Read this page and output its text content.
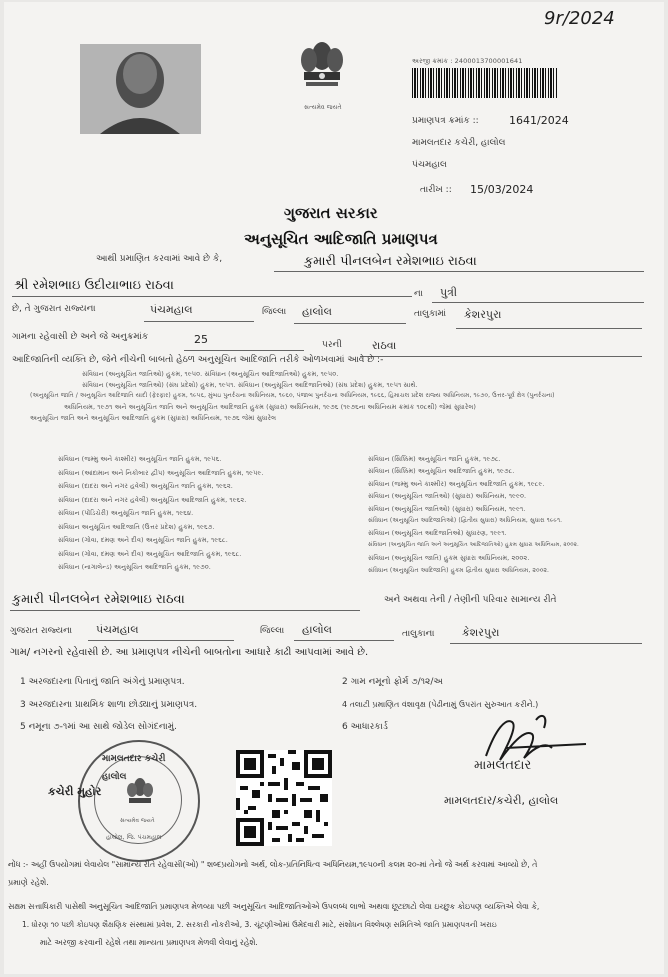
9r/2024
સત્યમેવ જયતે
અરજી ક્રમાંક : 2400013700001641
પ્રમાણપત્ર ક્રમાંક ::	1641/2024
મામલતદાર કચેરી, હાલોલ
પંચમહાલ
તારીખ :: 15/03/2024
ગુજરાત સરકાર
અનુસૂચિત આદિજાતિ પ્રમાણપત્ર
આથી પ્રમાણિત કરવામાં આવે છે કે,	કુમારી પીનલબેન રમેશભાઇ રાઠવા
શ્રી રમેશભાઇ ઉદીયાભાઇ રાઠવા
ના પુત્રી
છે, તે ગુજરાત રાજ્યના	પંચમહાલ	જિલ્લા હાલોલ	તાલુકામાં કેશરપુરા
ગામના રહેવાસી છે અને જે અનુક્રમાંક	25	પરની	રાઠવા
આદિજાતિની વ્યક્તિ છે, જેને નીચેની બાબતો હેઠળ અનુસૂચિત આદિજાતિ તરીકે ઓળખવામાં આવે છે :-
સંવિધાન (અનુસૂચિત જાતિઓ) હુકમ, ૧૯૫૦. સંવિધાન (અનુસૂચિત આદિજાતિઓ) હુકમ, ૧૯૫૦.
સંવિધાન (અનુસૂચિત જાતિઓ) (સંઘ પ્રદેશો) હુકમ, ૧૯૫૧. સંવિધાન (અનુસૂચિત આદિજાતિઓ) (સંઘ પ્રદેશ) હુકમ, ૧૯૫૧ સાથે.
(અનુસૂચિત જાતિ / અનુસૂચિત આદિજાતિ યાદી (ફેરફાર) હુકમ, ૧૯૫૬, મુંબઇ પુનર્રચના અધિનિયમ, ૧૯૬૦, પંજાબ પુનર્રચના અધિનિયમ, ૧૯૬૬, હિમાચલ પ્રદેશ રાજ્ય અધિનિયમ, ૧૯૭૦, ઉત્તર-પૂર્વ ક્ષેત્ર (પુનર્રચના)
અધિનિયમ, ૧૯૭૧ અને અનુસૂચિત જાતિ અને અનુસૂચિત આદિજાતિ હુકમ (સુધારા) અધિનિયમ, ૧૯૭૬ (૧૯૭૬ના અધિનિયમ ક્રમાંક ૧૦૮થી) જેમાં સુધારેલ)
અનુસૂચિત જાતિ અને અનુસૂચિત આદિજાતિ હુકમ (સુધારા) અધિનિયમ, ૧૯૭૬ જેમાં સુધારેલ
સંવિધાન (જમ્મુ અને કાશ્મીર) અનુસૂચિત જાતિ હુકમ, ૧૯૫૬.
સંવિધાન (આંદામાન અને નિકોબાર દ્વીપ) અનુસૂચિત આદિજાતિ હુકમ, ૧૯૫૯.
સંવિધાન (દાદરા અને નગર હવેલી) અનુસૂચિત જાતિ હુકમ, ૧૯૬૨.
સંવિધાન (દાદરા અને નગર હવેલી) અનુસૂચિત આદિજાતિ હુકમ, ૧૯૬૨.
સંવિધાન (પોંડિચેરી) અનુસૂચિત જાતિ હુકમ, ૧૯૬૪.
સંવિધાન અનુસૂચિત આદિજાતિ (ઉત્તર પ્રદેશ) હુકમ, ૧૯૬૭.
સંવિધાન (ગોવા, દમણ અને દીવ) અનુસૂચિત જાતિ હુકમ, ૧૯૬૮.
સંવિધાન (ગોવા, દમણ અને દીવ) અનુસૂચિત આદિજાતિ હુકમ, ૧૯૬૮.
સંવિધાન (નાગાલેન્ડ) અનુસૂચિત આદિજાતિ હુકમ, ૧૯૭૦.
સંવિધાન (સિક્કિમ) અનુસૂચિત જાતિ હુકમ, ૧૯૭૮.
સંવિધાન (સિક્કિમ) અનુસૂચિત આદિજાતિ હુકમ, ૧૯૭૮.
સંવિધાન (જમ્મુ અને કાશ્મીર) અનુસૂચિત આદિજાતિ હુકમ, ૧૯૮૯.
સંવિધાન (અનુસૂચિત જાતિઓ) (સુધારા) અધિનિયમ, ૧૯૯૦.
સંવિધાન (અનુસૂચિત જાતિઓ) (સુધારા) અધિનિયમ, ૧૯૯૧.
સંવિધાન (અનુસૂચિત આદિજાતિઓ) (દ્વિતીય સુધારા) અધિનિયમ, સુધારા ૧૯૯૧.
સંવિધાન (અનુસૂચિત આદિજાતિઓ) સુધારણ, ૧૯૯૧.
સંવિધાન (અનુસૂચિત જાતિ અને અનુસૂચિત આદિજાતિઓ) હુકમ સુધારા અધિનિયમ, ૨૦૦૨.
સંવિધાન (અનુસૂચિત જાતિ) હુકમ સુધારા અધિનિયમ, ૨૦૦૨.
સંવિધાન (અનુસૂચિત આદિજાતિ) હુકમ દ્વિતીય સુધારા અધિનિયમ, ૨૦૦૨.
કુમારી પીનલબેન રમેશભાઇ રાઠવા	અને અથવા તેની / તેણીની પરિવાર સામાન્ય રીતે
ગુજરાત રાજ્યના પંચમહાલ	જિલ્લા હાલોલ	તાલુકાના	કેશરપુરા
ગામ/ નગરનો રહેવાસી છે. આ પ્રમાણપત્ર નીચેની બાબતોના આધારે કાઢી આપવામાં આવે છે.
1 અરજદારના પિતાનું જાતિ અંગેનું પ્રમાણપત્ર.	2 ગામ નમૂનો ફોર્મ ૭/૧૨/અ
3 અરજદારના પ્રાથમિક શાળા છોડ્યાનું પ્રમાણપત્ર.	4 તલાટી પ્રમાણિત વંશાવૃક્ષ (પેઢીનામું ઉપરાંત સુરુઆત કરીને.)
5 નમૂના ૭-૧માં આ સાથે જોડેલ સોગંદનામું.	6 આધારકાર્ડ
મામલતદાર કચેરી
હાલોલ
સત્યમેવ જયતે
હાલોલ, જિ. પંચમહાલ
કચેરી મુહોર
મામલતદાર
મામલતદાર/કચેરી, હાલોલ
નોંધ :- અહીં ઉપયોગમાં લેવાયેલ "સામાન્ય રીતે રહેવાસી(ઓ) " શબ્દપ્રયોગનો અર્થ, લોક-પ્રતિનિધિત્વ અધિનિયમ,૧૯૫૦ની કલમ ૨૦-માં તેનો જે અર્થ કરવામાં આવ્યો છે, તે
પ્રમાણે રહેશે.
સક્ષમ સત્તાધિકારી પાસેથી અનુસૂચિત આદિજાતિ પ્રમાણપત્ર મેળવ્યા પછી અનુસૂચિત આદિજાતિઓએ ઉપલબ્ધ લાભો અથવા છૂટછાટો લેવા ઇચ્છુક કોઇપણ વ્યક્તિએ લેવા કે,
1. ધોરણ ૧૦ પછી કોઇપણ શૈક્ષણિક સંસ્થામાં પ્રવેશ, 2. સરકારી નોકરીઓ, 3. ચૂંટણીઓમાં ઉમેદવારી માટે, સંશોધન વિશ્લેષણ સમિતિએ જાતિ પ્રમાણપત્રની ખરાઇ
માટે અરજી કરવાની રહેશે તથા માન્યતા પ્રમાણપત્ર મેળવી લેવાનું રહેશે.
